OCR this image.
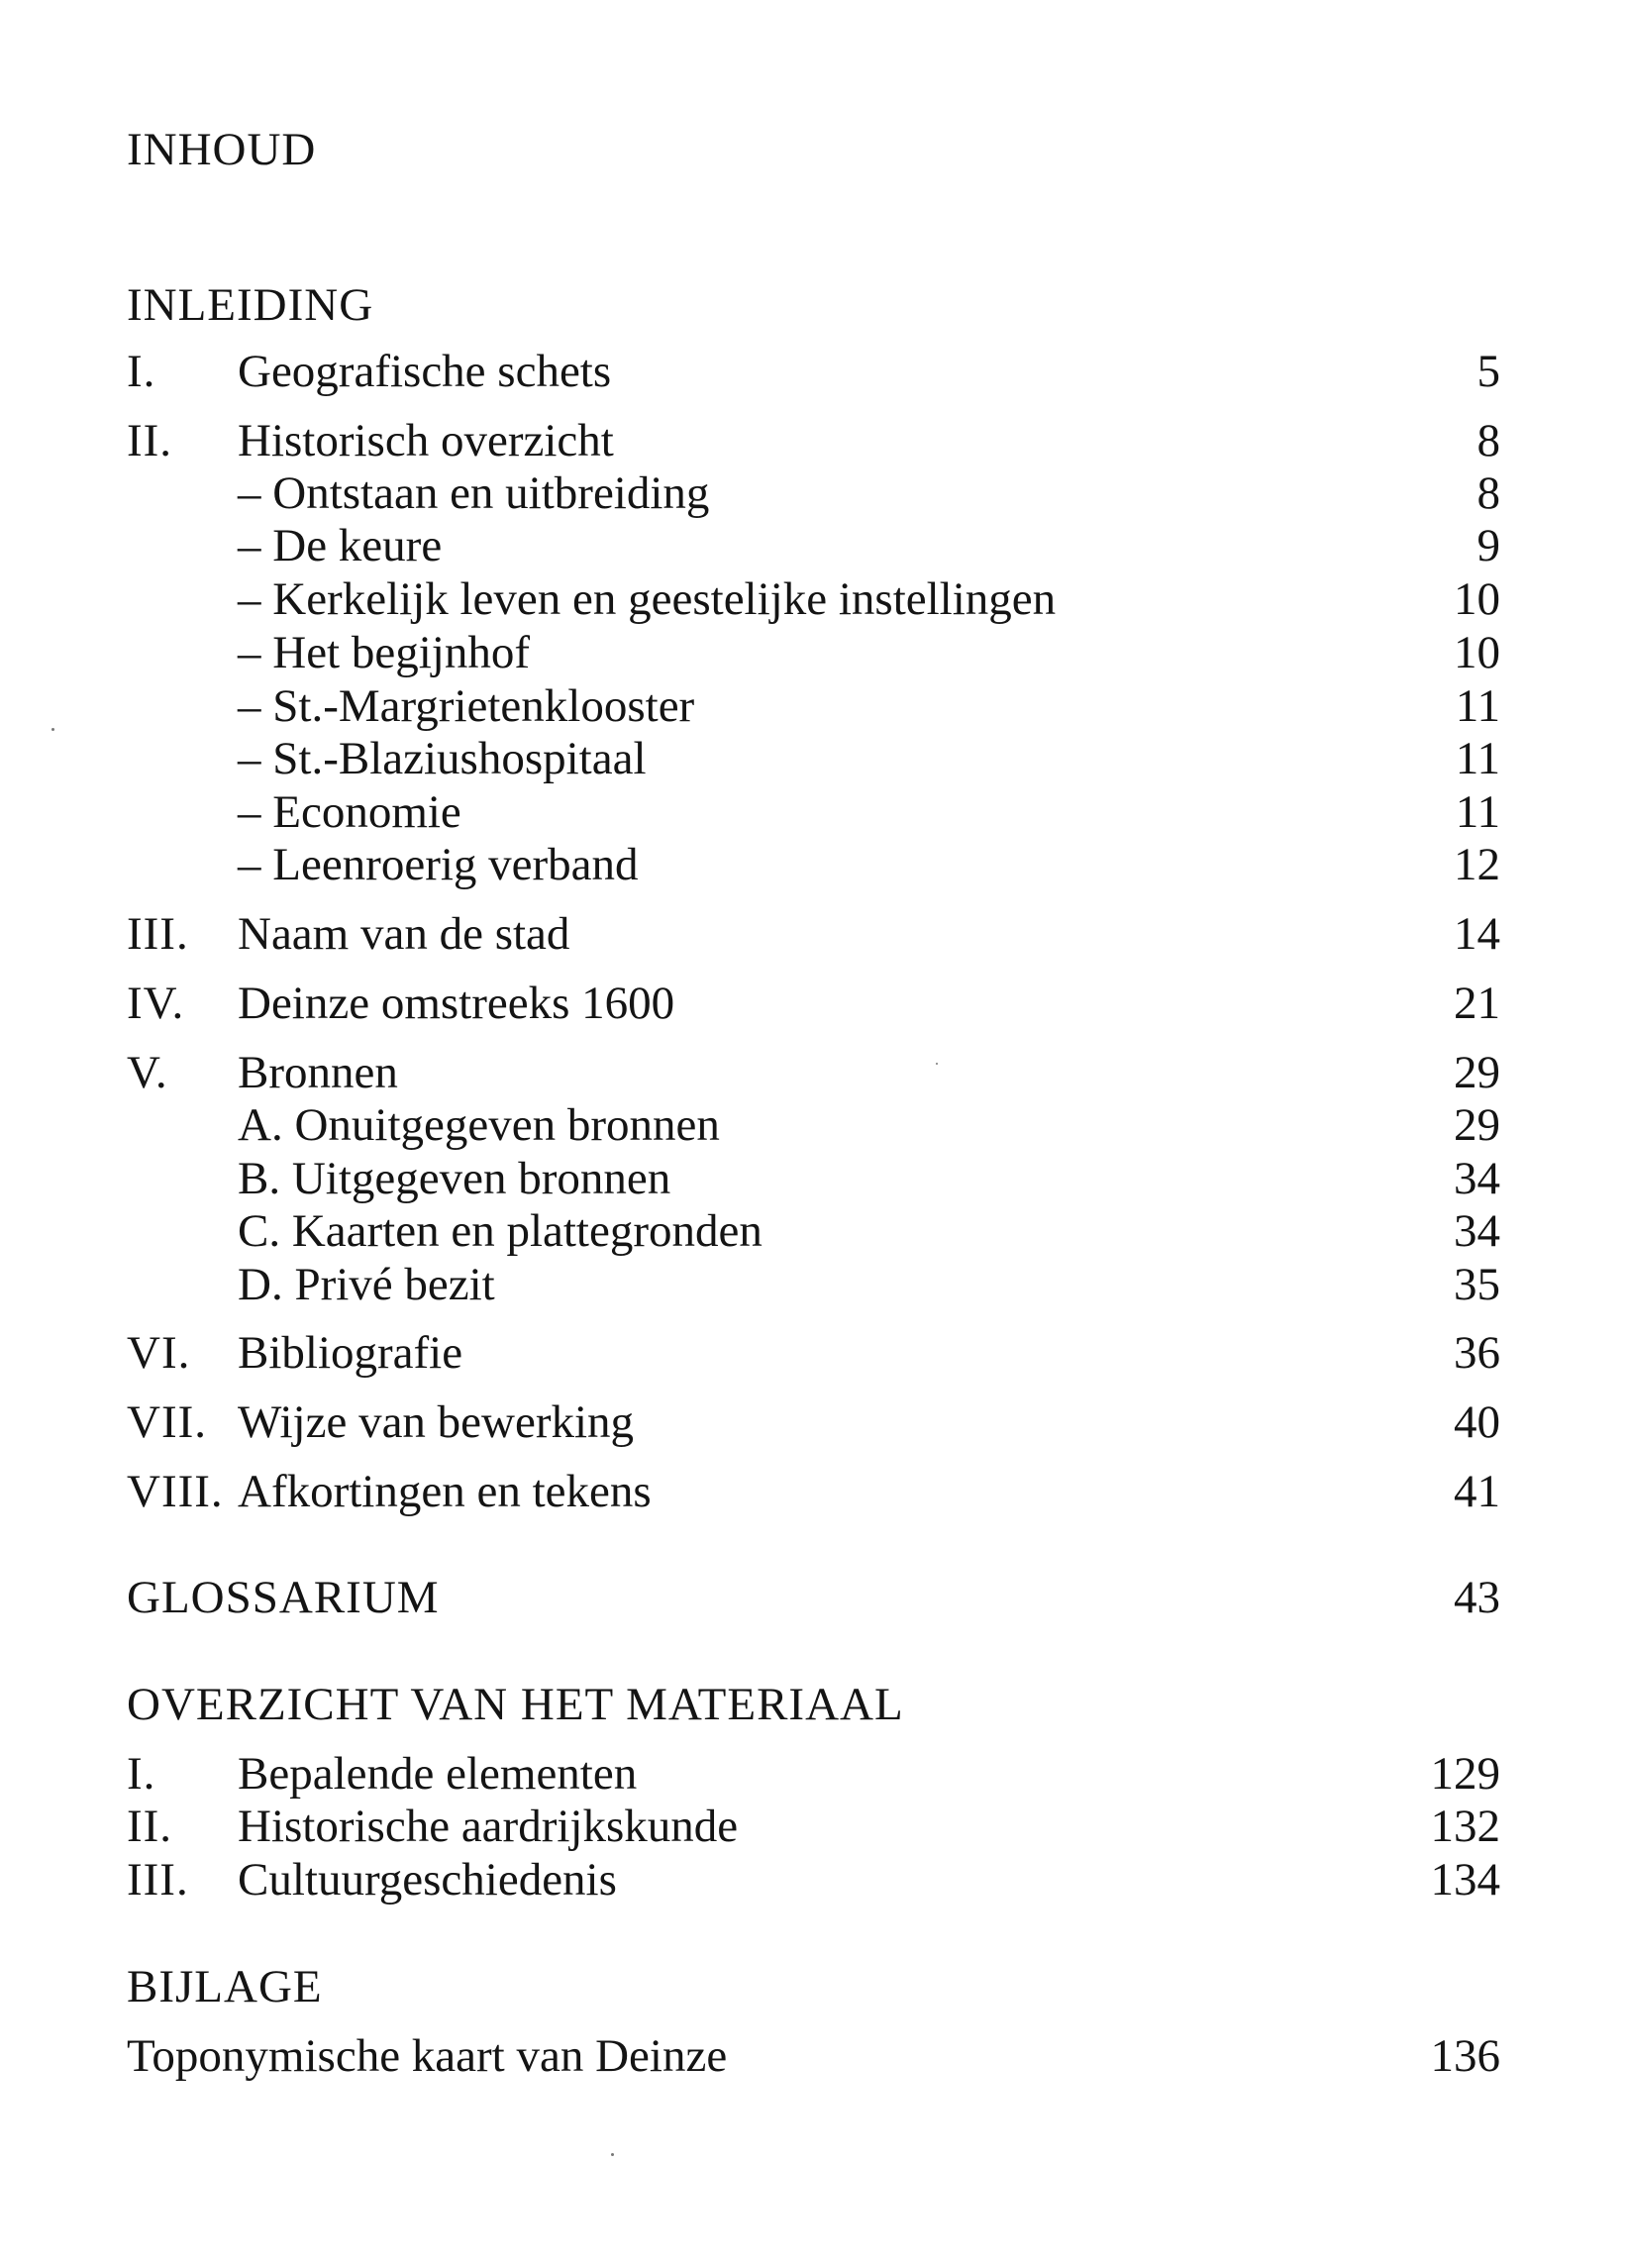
INHOUD
INLEIDING
I. Geografische schets	5
II. Historisch overzicht	8
– Ontstaan en uitbreiding	8
– De keure	9
– Kerkelijk leven en geestelijke instellingen	10
– Het begijnhof	10
– St.-Margrietenklooster	11
– St.-Blaziushospitaal	11
– Economie	11
– Leenroerig verband	12
III. Naam van de stad	14
IV. Deinze omstreeks 1600	21
V. Bronnen	29
A. Onuitgegeven bronnen	29
B. Uitgegeven bronnen	34
C. Kaarten en plattegronden	34
D. Privé bezit	35
VI. Bibliografie	36
VII. Wijze van bewerking	40
VIII. Afkortingen en tekens	41
GLOSSARIUM	43
OVERZICHT VAN HET MATERIAAL
I. Bepalende elementen	129
II. Historische aardrijkskunde	132
III. Cultuurgeschiedenis	134
BIJLAGE
Toponymische kaart van Deinze	136
